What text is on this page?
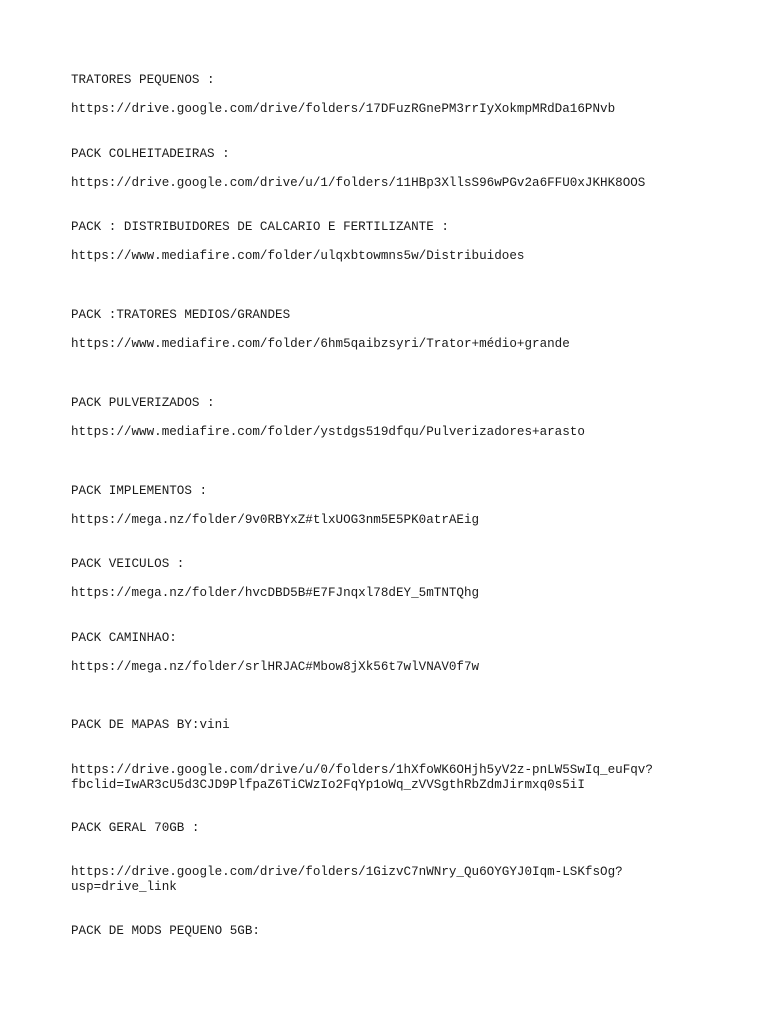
TRATORES PEQUENOS :

https://drive.google.com/drive/folders/17DFuzRGnePM3rrIyXokmpMRdDa16PNvb

PACK COLHEITADEIRAS :

https://drive.google.com/drive/u/1/folders/11HBp3XllsS96wPGv2a6FFU0xJKHK8OOS

PACK : DISTRIBUIDORES DE CALCARIO E FERTILIZANTE :

https://www.mediafire.com/folder/ulqxbtowmns5w/Distribuidoes

PACK :TRATORES MEDIOS/GRANDES

https://www.mediafire.com/folder/6hm5qaibzsyri/Trator+médio+grande

PACK PULVERIZADOS :

https://www.mediafire.com/folder/ystdgs519dfqu/Pulverizadores+arasto

PACK IMPLEMENTOS :

https://mega.nz/folder/9v0RBYxZ#tlxUOG3nm5E5PK0atrAEig

PACK VEICULOS :

https://mega.nz/folder/hvcDBD5B#E7FJnqxl78dEY_5mTNTQhg

PACK CAMINHAO:

https://mega.nz/folder/srlHRJAC#Mbow8jXk56t7wlVNAV0f7w

PACK DE MAPAS BY:vini

https://drive.google.com/drive/u/0/folders/1hXfoWK6OHjh5yV2z-pnLW5SwIq_euFqv?

fbclid=IwAR3cU5d3CJD9PlfpaZ6TiCWzIo2FqYp1oWq_zVVSgthRbZdmJirmxq0s5iI

PACK GERAL 70GB :

https://drive.google.com/drive/folders/1GizvC7nWNry_Qu6OYGYJ0Iqm-LSKfsOg?

usp=drive_link

PACK DE MODS PEQUENO 5GB:
